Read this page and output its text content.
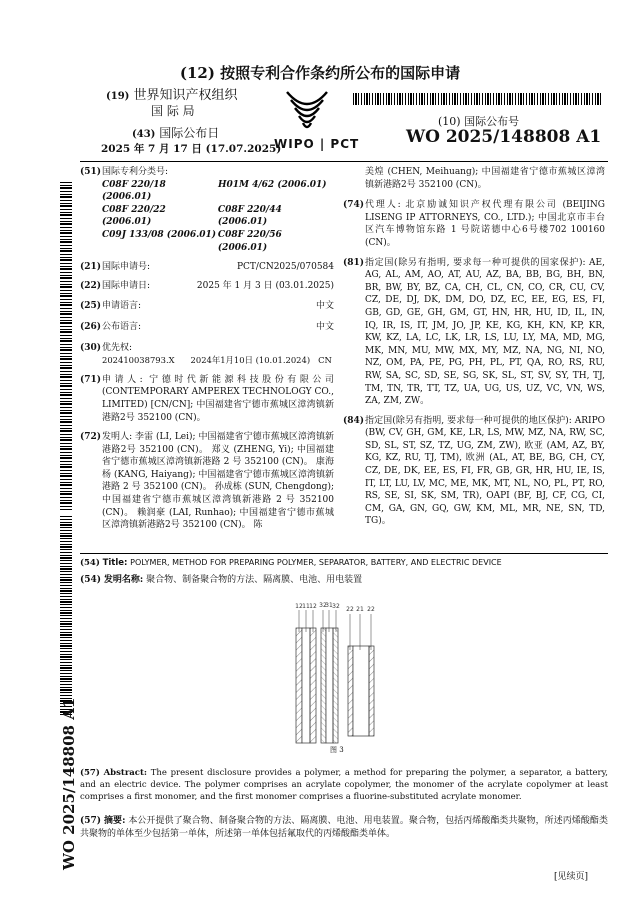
(12) 按照专利合作条约所公布的国际申请
(19) 世界知识产权组织
国 际 局
(43) 国际公布日
2025 年 7 月 17 日 (17.07.2025)
WIPO | PCT
(10) 国际公布号
WO 2025/148808 A1
(51) 国际专利分类号:
C08F 220/18 (2006.01)
H01M 4/62 (2006.01)
C08F 220/22 (2006.01)
C08F 220/44 (2006.01)
C09J 133/08 (2006.01) C08F 220/56 (2006.01)
(21) 国际申请号:	PCT/CN2025/070584
(22) 国际申请日:	2025 年 1 月 3 日 (03.01.2025)
(25) 申请语言:	中文
(26) 公布语言:	中文
(30) 优先权:
202410038793.X      2024年1月10日 (10.01.2024)   CN
(71) 申请人: 宁德时代新能源科技股份有限公司 (CONTEMPORARY AMPEREX TECHNOLOGY CO., LIMITED) [CN/CN]; 中国福建省宁德市蕉城区漳湾镇新港路2号 352100 (CN)。
(72) 发明人: 李雷 (LI, Lei); 中国福建省宁德市蕉城区漳湾镇新港路2号 352100 (CN)。 郑义 (ZHENG, Yi); 中国福建省宁德市蕉城区漳湾镇新港路 2 号 352100 (CN)。 康海杨 (KANG, Haiyang); 中国福建省宁德市蕉城区漳湾镇新港路 2 号 352100 (CN)。 孙成栋 (SUN, Chengdong); 中国福建省宁德市蕉城区漳湾镇新港路 2 号 352100 (CN)。 赖润豪 (LAI, Runhao); 中国福建省宁德市蕉城区漳湾镇新港路2号 352100 (CN)。 陈
美煌 (CHEN, Meihuang); 中国福建省宁德市蕉城区漳湾镇新港路2号 352100 (CN)。
(74) 代理人: 北京励诚知识产权代理有限公司 (BEIJING LISENG IP ATTORNEYS, CO., LTD.); 中国北京市丰台区汽车博物馆东路 1 号院诺德中心6号楼702 100160 (CN)。
(81) 指定国(除另有指明, 要求每一种可提供的国家保护): AE, AG, AL, AM, AO, AT, AU, AZ, BA, BB, BG, BH, BN, BR, BW, BY, BZ, CA, CH, CL, CN, CO, CR, CU, CV, CZ, DE, DJ, DK, DM, DO, DZ, EC, EE, EG, ES, FI, GB, GD, GE, GH, GM, GT, HN, HR, HU, ID, IL, IN, IQ, IR, IS, IT, JM, JO, JP, KE, KG, KH, KN, KP, KR, KW, KZ, LA, LC, LK, LR, LS, LU, LY, MA, MD, MG, MK, MN, MU, MW, MX, MY, MZ, NA, NG, NI, NO, NZ, OM, PA, PE, PG, PH, PL, PT, QA, RO, RS, RU, RW, SA, SC, SD, SE, SG, SK, SL, ST, SV, SY, TH, TJ, TM, TN, TR, TT, TZ, UA, UG, US, UZ, VC, VN, WS, ZA, ZM, ZW。
(84) 指定国(除另有指明, 要求每一种可提供的地区保护): ARIPO (BW, CV, GH, GM, KE, LR, LS, MW, MZ, NA, RW, SC, SD, SL, ST, SZ, TZ, UG, ZM, ZW), 欧亚 (AM, AZ, BY, KG, KZ, RU, TJ, TM), 欧洲 (AL, AT, BE, BG, CH, CY, CZ, DE, DK, EE, ES, FI, FR, GB, GR, HR, HU, IE, IS, IT, LT, LU, LV, MC, ME, MK, MT, NL, NO, PL, PT, RO, RS, SE, SI, SK, SM, TR), OAPI (BF, BJ, CF, CG, CI, CM, GA, GN, GQ, GW, KM, ML, MR, NE, SN, TD, TG)。
(54) Title: POLYMER, METHOD FOR PREPARING POLYMER, SEPARATOR, BATTERY, AND ELECTRIC DEVICE
(54) 发明名称: 聚合物、制备聚合物的方法、隔离膜、电池、用电装置
12 11 12 32
31 32 22 21 22
图 3
(57) Abstract: The present disclosure provides a polymer, a method for preparing the polymer, a separator, a battery, and an electric device. The polymer comprises an acrylate copolymer, the monomer of the acrylate copolymer at least comprises a first monomer, and the first monomer comprises a fluorine-substituted acrylate monomer.
(57) 摘要: 本公开提供了聚合物、制备聚合物的方法、隔离膜、电池、用电装置。聚合物，包括丙烯酸酯类共聚物，所述丙烯酸酯类共聚物的单体至少包括第一单体，所述第一单体包括氟取代的丙烯酸酯类单体。
WO 2025/148808 A1
[见续页]
